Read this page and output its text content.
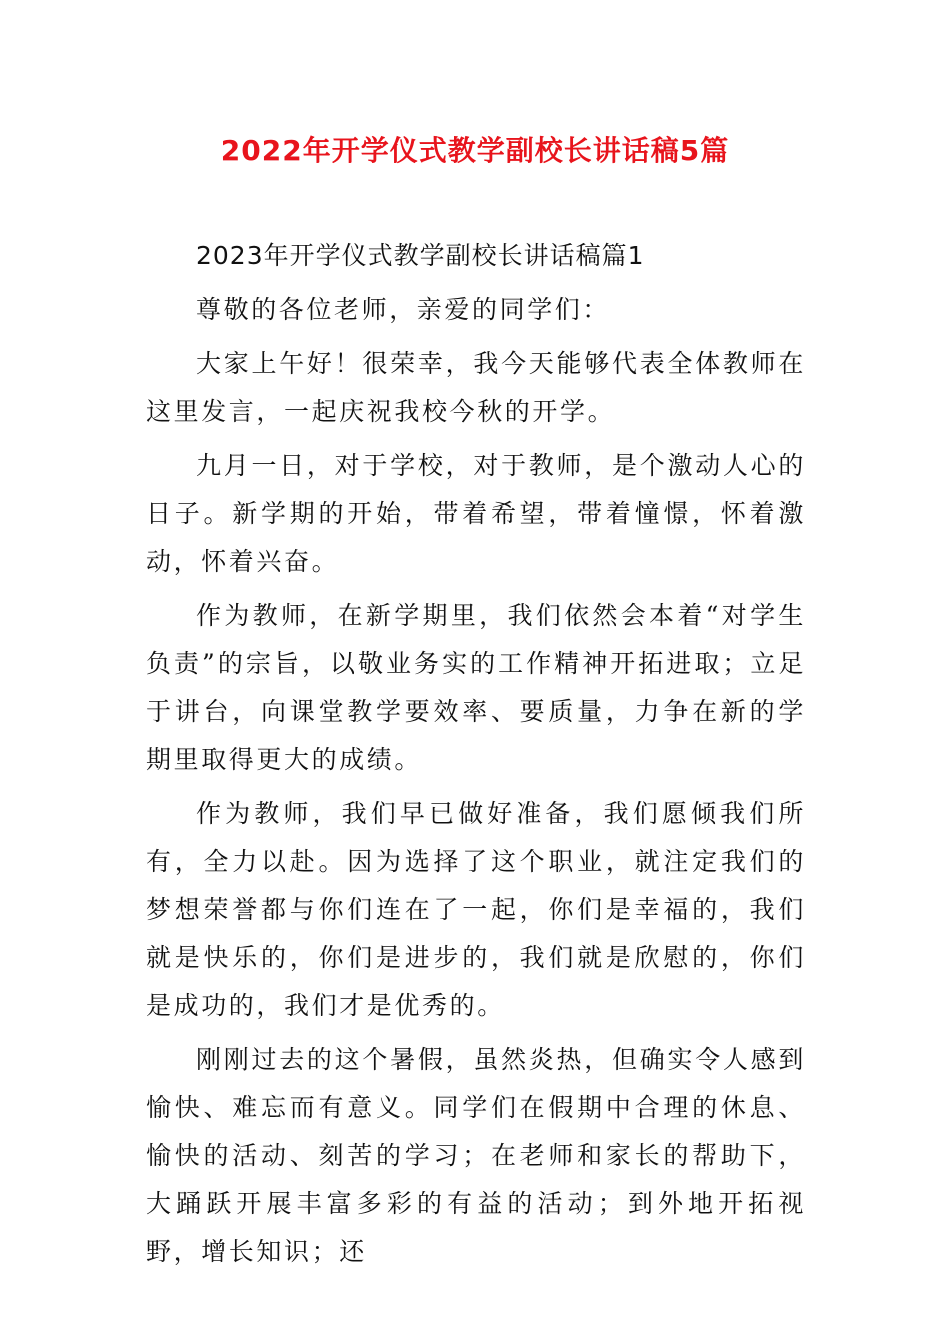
2022年开学仪式教学副校长讲话稿5篇

2023年开学仪式教学副校长讲话稿篇1

尊敬的各位老师，亲爱的同学们：

大家上午好！很荣幸，我今天能够代表全体教师在这里发言，一起庆祝我校今秋的开学。

九月一日，对于学校，对于教师，是个激动人心的日子。新学期的开始，带着希望，带着憧憬，怀着激动，怀着兴奋。

作为教师，在新学期里，我们依然会本着“对学生负责”的宗旨，以敬业务实的工作精神开拓进取；立足于讲台，向课堂教学要效率、要质量，力争在新的学期里取得更大的成绩。

作为教师，我们早已做好准备，我们愿倾我们所有，全力以赴。因为选择了这个职业，就注定我们的梦想荣誉都与你们连在了一起，你们是幸福的，我们就是快乐的，你们是进步的，我们就是欣慰的，你们是成功的，我们才是优秀的。

刚刚过去的这个暑假，虽然炎热，但确实令人感到愉快、难忘而有意义。同学们在假期中合理的休息、愉快的活动、刻苦的学习；在老师和家长的帮助下，大踊跃开展丰富多彩的有益的活动；到外地开拓视野，增长知识；还
